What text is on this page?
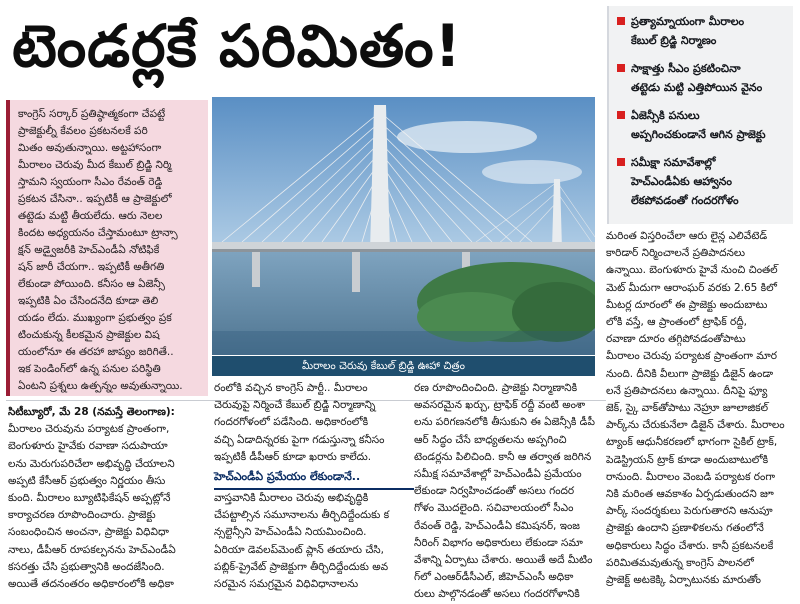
టెండర్లకే పరిమితం!	ప్రత్యామ్నాయంగా మీరాలం
కేబుల్ బ్రిడ్జి నిర్మాణం
సాక్షాత్తు సీఎం ప్రకటించినా
తట్టెడు మట్టి ఎత్తిపోయిన వైనం
ఏజెన్సీకి పనులు
అప్పగించకుండానే ఆగిన ప్రాజెక్టు
సమీక్షా సమావేశాల్లో
హెచ్ఎండీఏకు ఆహ్వానం
లేకపోవడంతో గందరగోళం

కాంగ్రెస్ సర్కార్ ప్రతిష్ఠాత్మకంగా చేపట్టే

ప్రాజెక్టుల్నీ కేవలం ప్రకటనలకే పరి

మితం అవుతున్నాయి. అట్టహాసంగా

మీరాలం చెరువు మీద కేబుల్ బ్రిడ్జి నిర్మి

స్తామని స్వయంగా సీఎం రేవంత్ రెడ్డి

ప్రకటన చేసినా.. ఇప్పటికీ ఆ ప్రాజెక్టులో

తట్టెడు మట్టి తీయలేదు. ఆరు నెలల

కిందట అధ్యయనం చేస్తామంటూ ట్రాన్సా

క్షన్ అడ్వైజరీకి హెచ్ఎండీఏ నోటిఫికే

షన్ జారీ చేయగా.. ఇప్పటికీ అతీగతి

లేకుండా పోయింది. కనీసం ఆ ఏజెన్సీ

ఇప్పటికి ఏం చేసిందనేది కూడా తెలి

యడం లేదు. ముఖ్యంగా ప్రభుత్వం ప్రక

టించుకున్న కీలకమైన ప్రాజెక్టుల విష

యంలోనూ ఈ తరహా జాప్యం జరిగితే..

ఇక పెండింగ్‌లో ఉన్న పనుల పరిస్థితి

ఏంటని ప్రశ్నలు ఉత్పన్నం అవుతున్నాయి.

మీరాలం చెరువు కేబుల్ బ్రిడ్జి ఊహా చిత్రం
సిటీబ్యూరో, మే 28 (నమస్తే తెలంగాణ):
మీరాలం చెరువును పర్యాటక ప్రాంతంగా,
బెంగుళూరు హైవేకు రవాణా సదుపాయా
లను మెరుగుపరిచేలా అభివృద్ధి చేయాలని
అప్పటి కేసీఆర్ ప్రభుత్వం నిర్ణయం తీసు
కుంది. మీరాలం బ్యూటిఫికేషన్ అప్పట్లోనే
కార్యాచరణ రూపొందించారు. ప్రాజెక్టు
సంబంధించిన అంచనా, ప్రాజెక్టు విధివిధా
నాలు, డీపీఆర్ రూపకల్పనను హెచ్ఎండీఏ
కసరత్తు చేసి ప్రభుత్వానికి అందజేసింది.
అయితే తదనంతరం అధికారంలోకి అధికా
రంలోకి వచ్చిన కాంగ్రెస్ పార్టీ.. మీరాలం
చెరువుపై నిర్మించే కేబుల్ బ్రిడ్జి నిర్మాణాన్ని
గందరగోళంలో పడేసింది. అధికారంలోకి
వచ్చి ఏడాదిన్నరకు పైగా గడుస్తున్నా కనీసం
ఇప్పటికీ డీపీఆర్ కూడా ఖరారు కాలేదు.
హెచ్ఎండీఏ ప్రమేయం లేకుండానే..
వాస్తవానికి మీరాలం చెరువు అభివృద్ధికి
చేపట్టాల్సిన సమూనాలను తీర్చిదిద్దేందుకు క
న్సల్టెన్సీని హెచ్ఎండీఏ నియమించింది.
ఏరియా డెవలప్‌మెంట్ ప్లాన్ తయారు చేసి,
పబ్లిక్-ప్రైవేట్ ప్రాజెక్టుగా తీర్చిదిద్దేందుకు అవ
సరమైన సమగ్రమైన విధివిధానాలను
రణ రూపొందించింది. ప్రాజెక్టు నిర్మాణానికి
అవసరమైన ఖర్చు, ట్రాఫిక్ రద్దీ వంటి అంశా
లను పరిగణనలోకి తీసుకుని ఈ ఏజెన్సీకి డీపీ
ఆర్ సిద్ధం చేసే బాధ్యతలను అప్పగించి
టెండర్లను పిలిచింది. కానీ ఆ తర్వాత జరిగిన
సమీక్ష సమావేశాల్లో హెచ్ఎండీఏ ప్రమేయం
లేకుండా నిర్వహించడంతో అసలు గందర
గోళం మొదలైంది. సచివాలయంలో సీఎం
రేవంత్ రెడ్డి, హెచ్ఎండీఏ కమిషనర్, ఇంజ
నీరింగ్ విభాగం అధికారులు లేకుండా సమా
వేశాన్ని ఏర్పాటు చేశారు. అయితే అదే మీటిం
గ్‌లో ఎంఆర్‌డీసీఎల్, జీహెచ్ఎంసీ అధికా
రులు పాల్గొనడంతో అసలు గందరగోళానికి
మరింత విస్తరించేలా ఆరు లైన్ల ఎలివేటెడ్
కారిడార్ నిర్మించాలనే ప్రతిపాదనలు
ఉన్నాయి. బెంగుళూరు హైవే నుంచి చింతల్
మెట్ మీదుగా ఆరాంఘర్ వరకు 2.65 కిలో
మీటర్ల దూరంలో ఈ ప్రాజెక్టు అందుబాటు
లోకి వస్తే, ఆ ప్రాంతంలో ట్రాఫిక్ రద్దీ,
రవాణా దూరం తగ్గిపోవడంతోపాటు
మీరాలం చెరువు పర్యాటక ప్రాంతంగా మార
నుంది. దీనికి వీలుగా ప్రాజెక్టు డిజైన్ ఉండా
లనే ప్రతిపాదనలు ఉన్నాయి. దీనిపై ఫ్యూ
జెక్, స్కై వాక్‌తోపాటు నెహ్రూ జూలాజికల్
పార్క్‌ను చేరుకునేలా డిజైన్ చేశారు. మీరాలం
ట్యాంక్ ఆధునీకరణలో భాగంగా సైకిల్ ట్రాక్,
పెడెస్ట్రియన్ ట్రాక్ కూడా అందుబాటులోకి
రానుంది. మీరాలం వెంబడి పర్యాటక రంగా
నికి మరింత ఆవకాశం ఏర్పడుతుందని జూ
పార్క్ సందర్శకులు పెరుగుతారని ఆనుపూ
ప్రాజెక్టు ఉందాని ప్రణాళికలను గతంలోనే
అధికారులు సిద్ధం చేశారు. కానీ ప్రకటనలకే
పరిమితమవుతున్న కాంగ్రెస్ పాలనలో
ప్రాజెక్ట్ అటకెక్కి ఏర్పాటునకు మారుతోం
